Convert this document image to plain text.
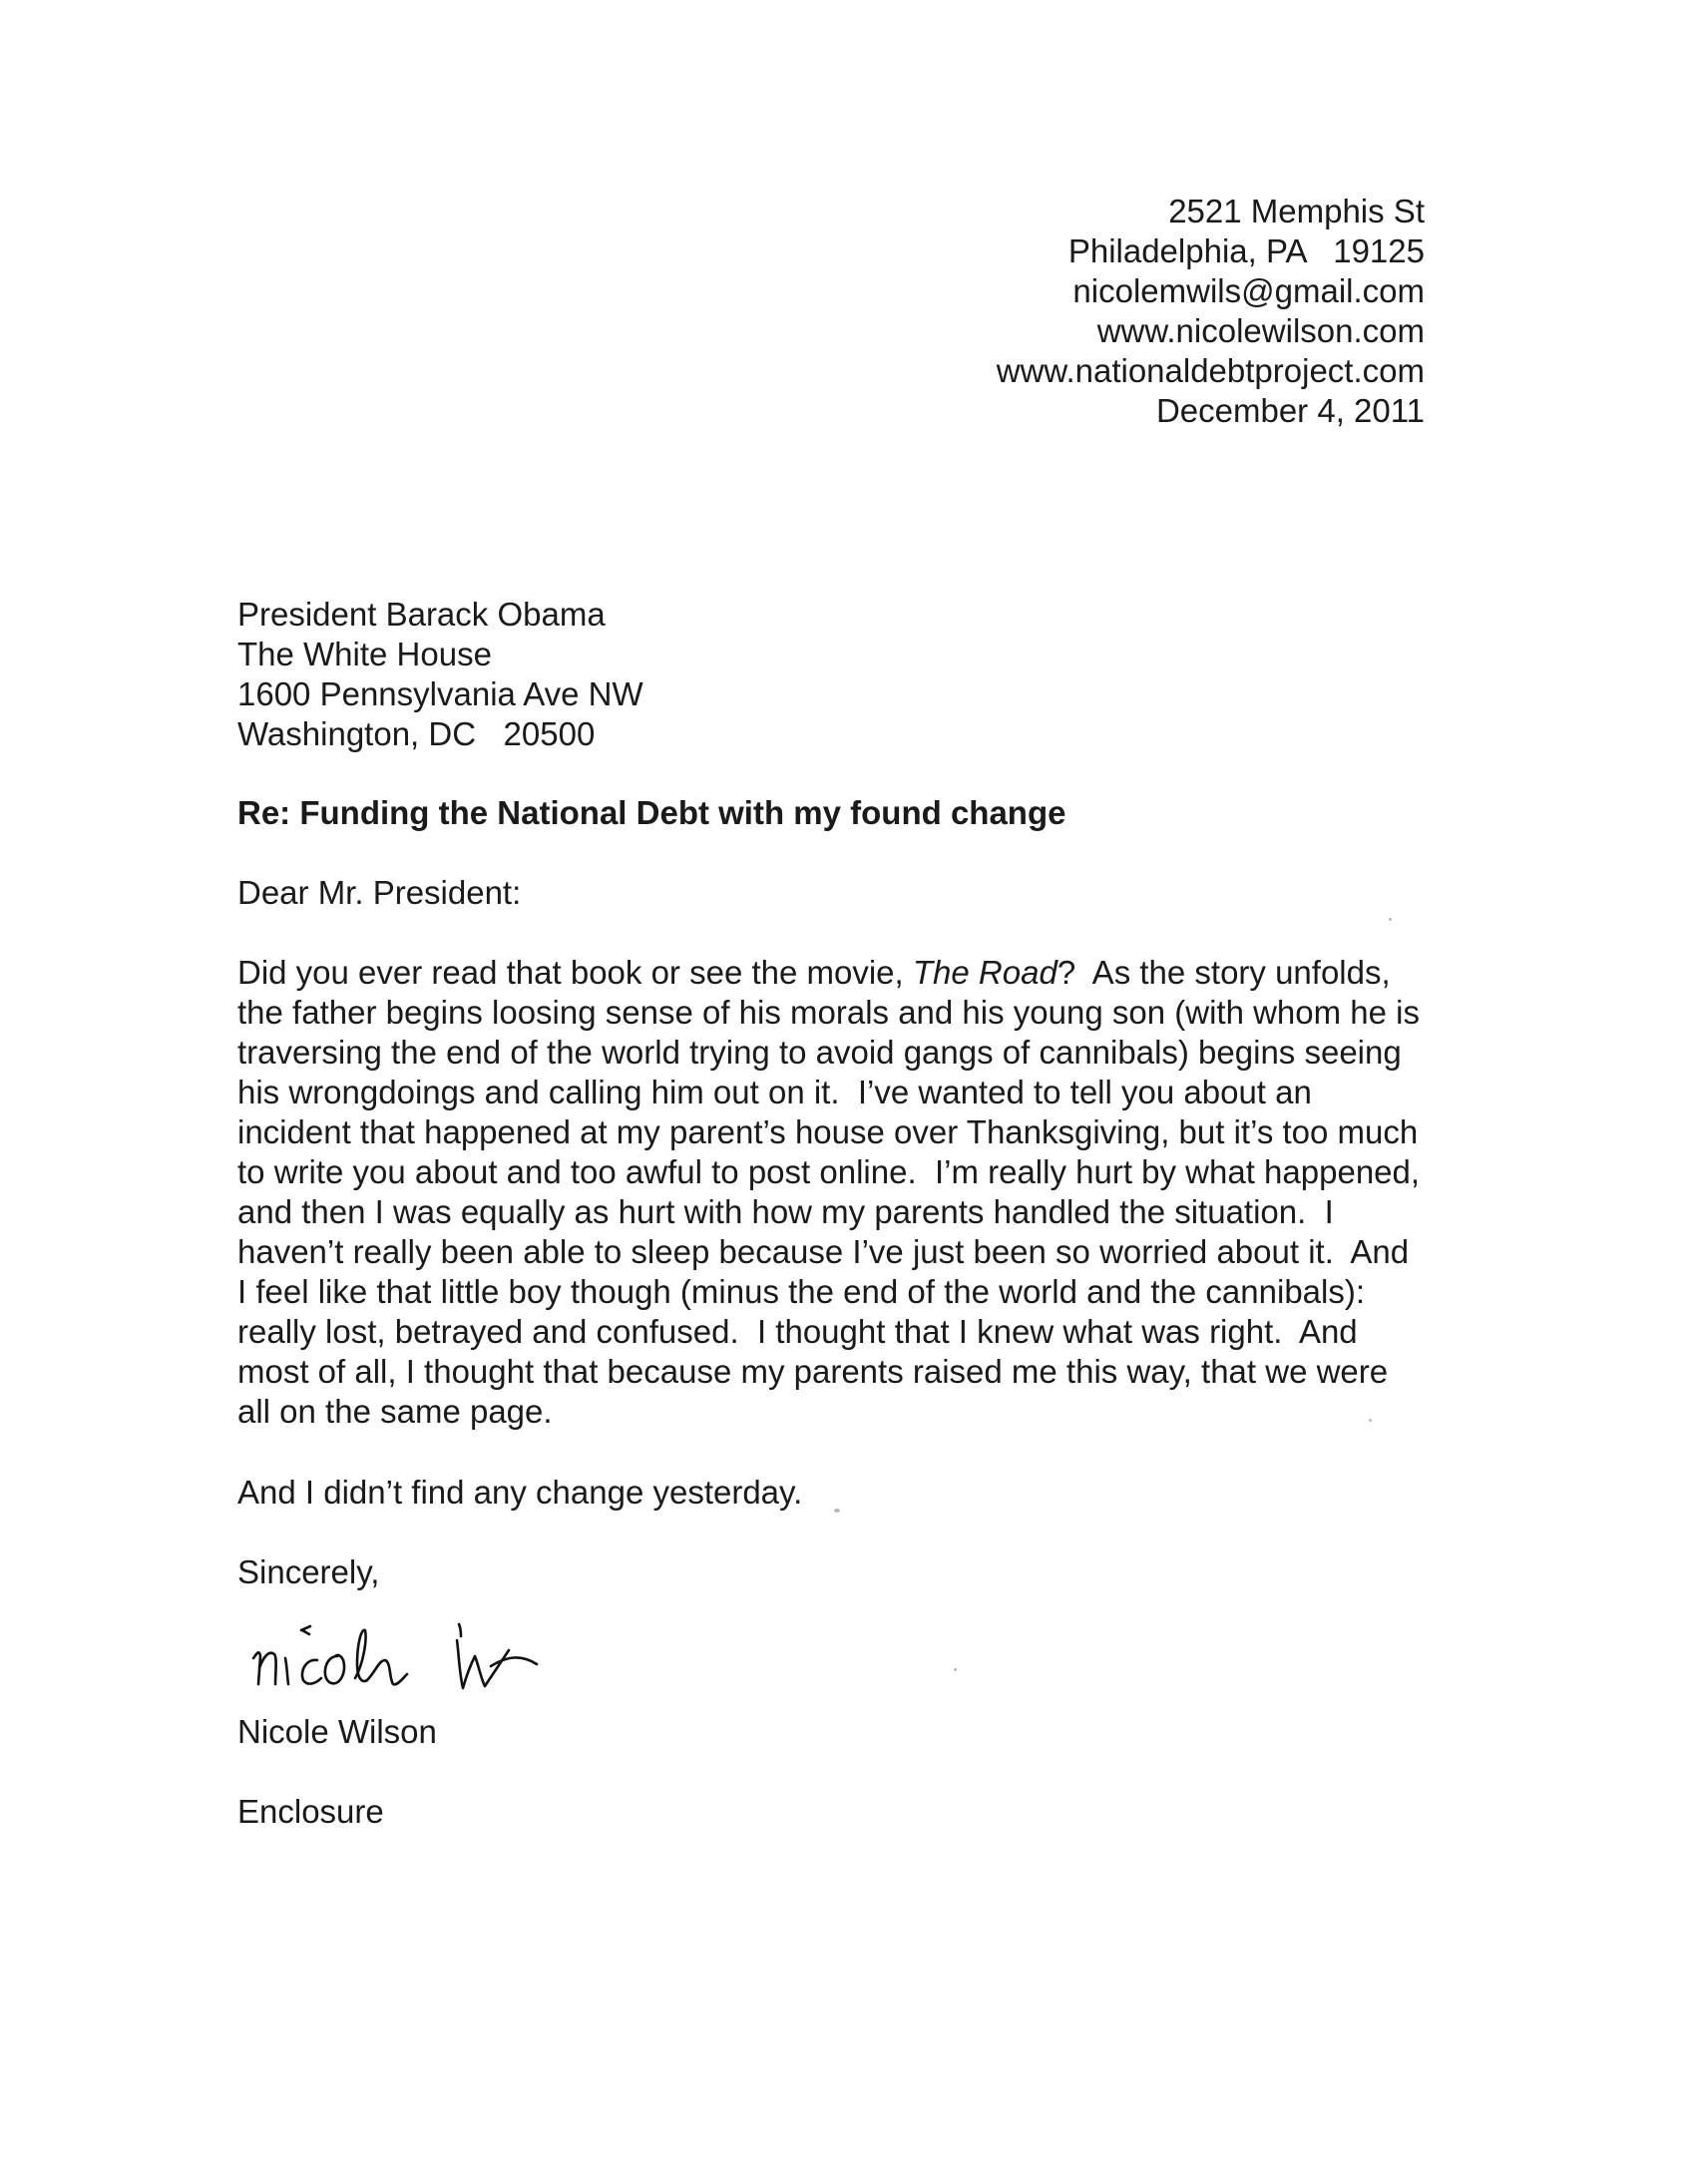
2521 Memphis St
Philadelphia, PA   19125
nicolemwils@gmail.com
www.nicolewilson.com
www.nationaldebtproject.com
December 4, 2011
President Barack Obama
The White House
1600 Pennsylvania Ave NW
Washington, DC   20500
Re: Funding the National Debt with my found change
Dear Mr. President:
Did you ever read that book or see the movie, The Road?  As the story unfolds,
the father begins loosing sense of his morals and his young son (with whom he is
traversing the end of the world trying to avoid gangs of cannibals) begins seeing
his wrongdoings and calling him out on it.  I’ve wanted to tell you about an
incident that happened at my parent’s house over Thanksgiving, but it’s too much
to write you about and too awful to post online.  I’m really hurt by what happened,
and then I was equally as hurt with how my parents handled the situation.  I
haven’t really been able to sleep because I’ve just been so worried about it.  And
I feel like that little boy though (minus the end of the world and the cannibals):
really lost, betrayed and confused.  I thought that I knew what was right.  And
most of all, I thought that because my parents raised me this way, that we were
all on the same page.
And I didn’t find any change yesterday.
Sincerely,
Nicole Wilson
Enclosure
